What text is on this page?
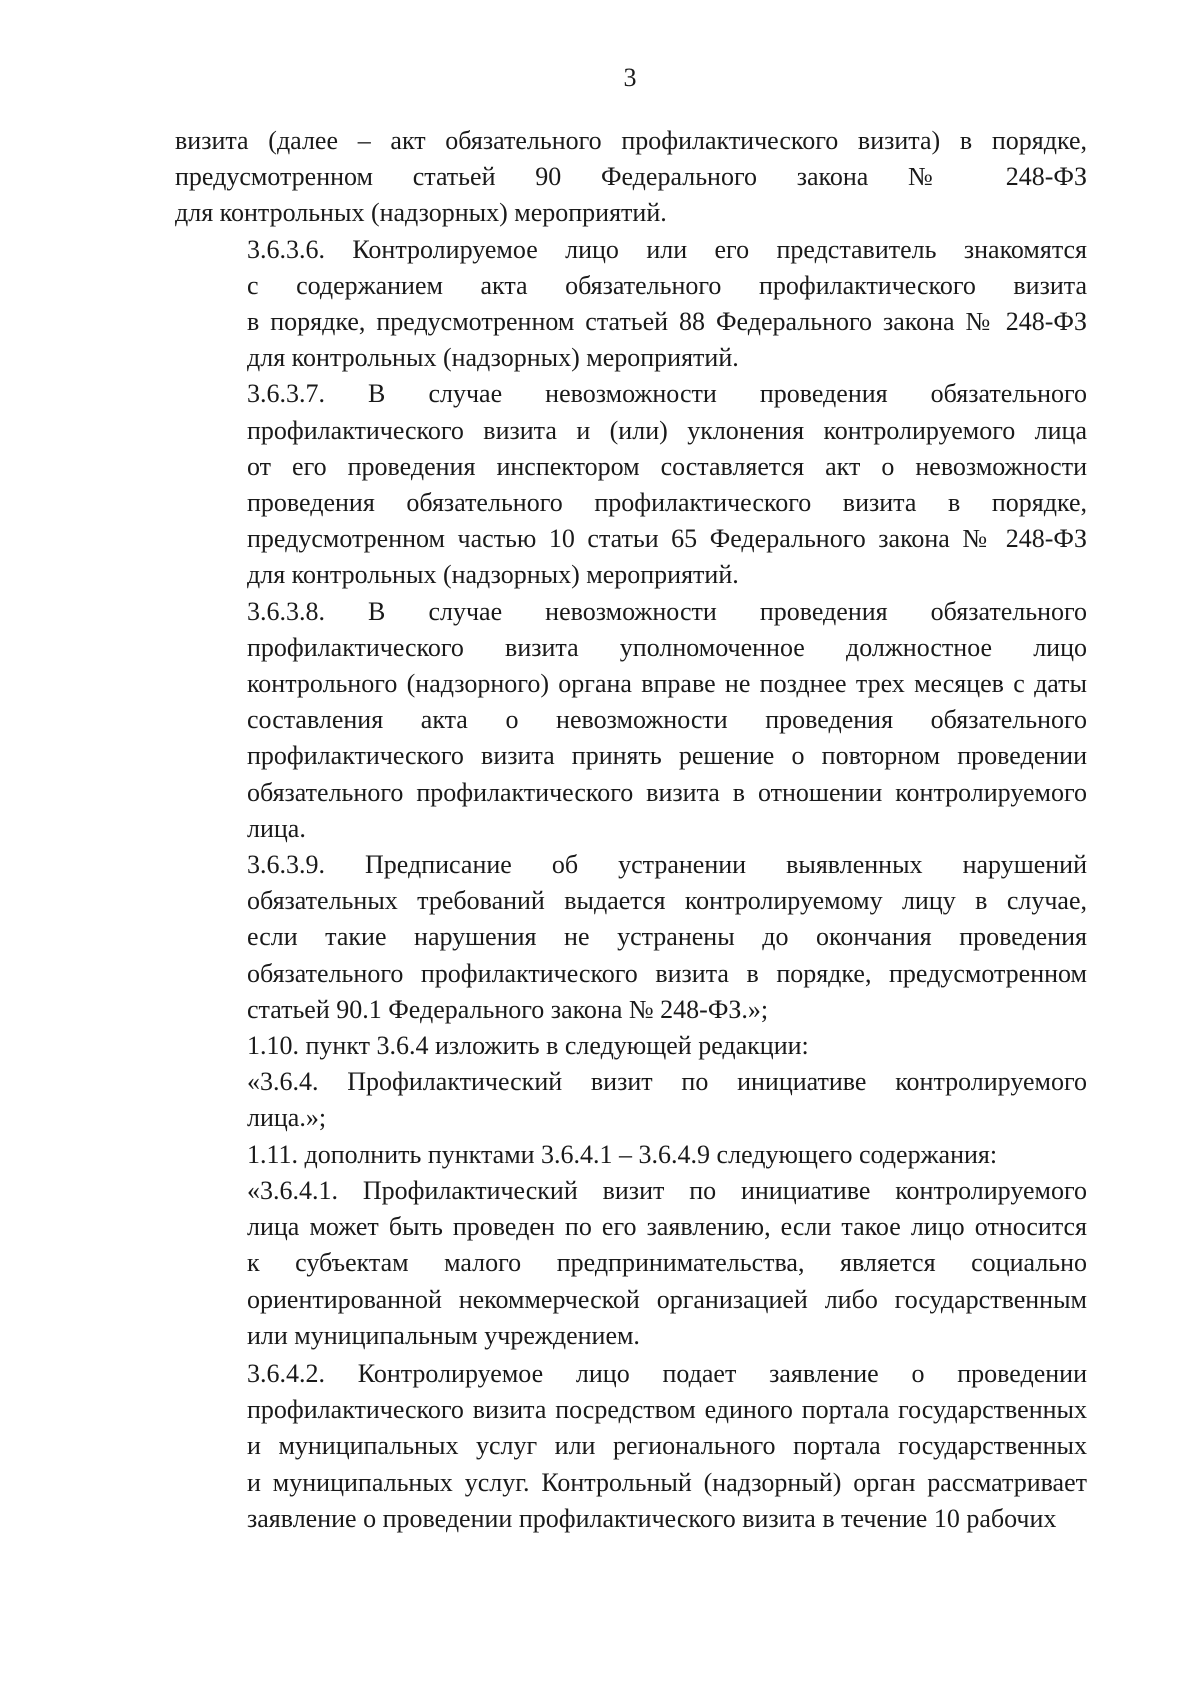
3

визита (далее – акт обязательного профилактического визита) в порядке,
предусмотренном статьей 90 Федерального закона № 248-ФЗ
для контрольных (надзорных) мероприятий.

3.6.3.6. Контролируемое лицо или его представитель знакомятся
с содержанием акта обязательного профилактического визита
в порядке, предусмотренном статьей 88 Федерального закона № 248-ФЗ
для контрольных (надзорных) мероприятий.

3.6.3.7. В случае невозможности проведения обязательного
профилактического визита и (или) уклонения контролируемого лица
от его проведения инспектором составляется акт о невозможности
проведения обязательного профилактического визита в порядке,
предусмотренном частью 10 статьи 65 Федерального закона № 248-ФЗ
для контрольных (надзорных) мероприятий.

3.6.3.8. В случае невозможности проведения обязательного
профилактического визита уполномоченное должностное лицо
контрольного (надзорного) органа вправе не позднее трех месяцев с даты
составления акта о невозможности проведения обязательного
профилактического визита принять решение о повторном проведении
обязательного профилактического визита в отношении контролируемого
лица.

3.6.3.9. Предписание об устранении выявленных нарушений
обязательных требований выдается контролируемому лицу в случае,
если такие нарушения не устранены до окончания проведения
обязательного профилактического визита в порядке, предусмотренном
статьей 90.1 Федерального закона № 248-ФЗ.»;

1.10. пункт 3.6.4 изложить в следующей редакции:

«3.6.4. Профилактический визит по инициативе контролируемого
лица.»;

1.11. дополнить пунктами 3.6.4.1 – 3.6.4.9 следующего содержания:

«3.6.4.1. Профилактический визит по инициативе контролируемого
лица может быть проведен по его заявлению, если такое лицо относится
к субъектам малого предпринимательства, является социально
ориентированной некоммерческой организацией либо государственным
или муниципальным учреждением.

3.6.4.2. Контролируемое лицо подает заявление о проведении
профилактического визита посредством единого портала государственных
и муниципальных услуг или регионального портала государственных
и муниципальных услуг. Контрольный (надзорный) орган рассматривает
заявление о проведении профилактического визита в течение 10 рабочих
